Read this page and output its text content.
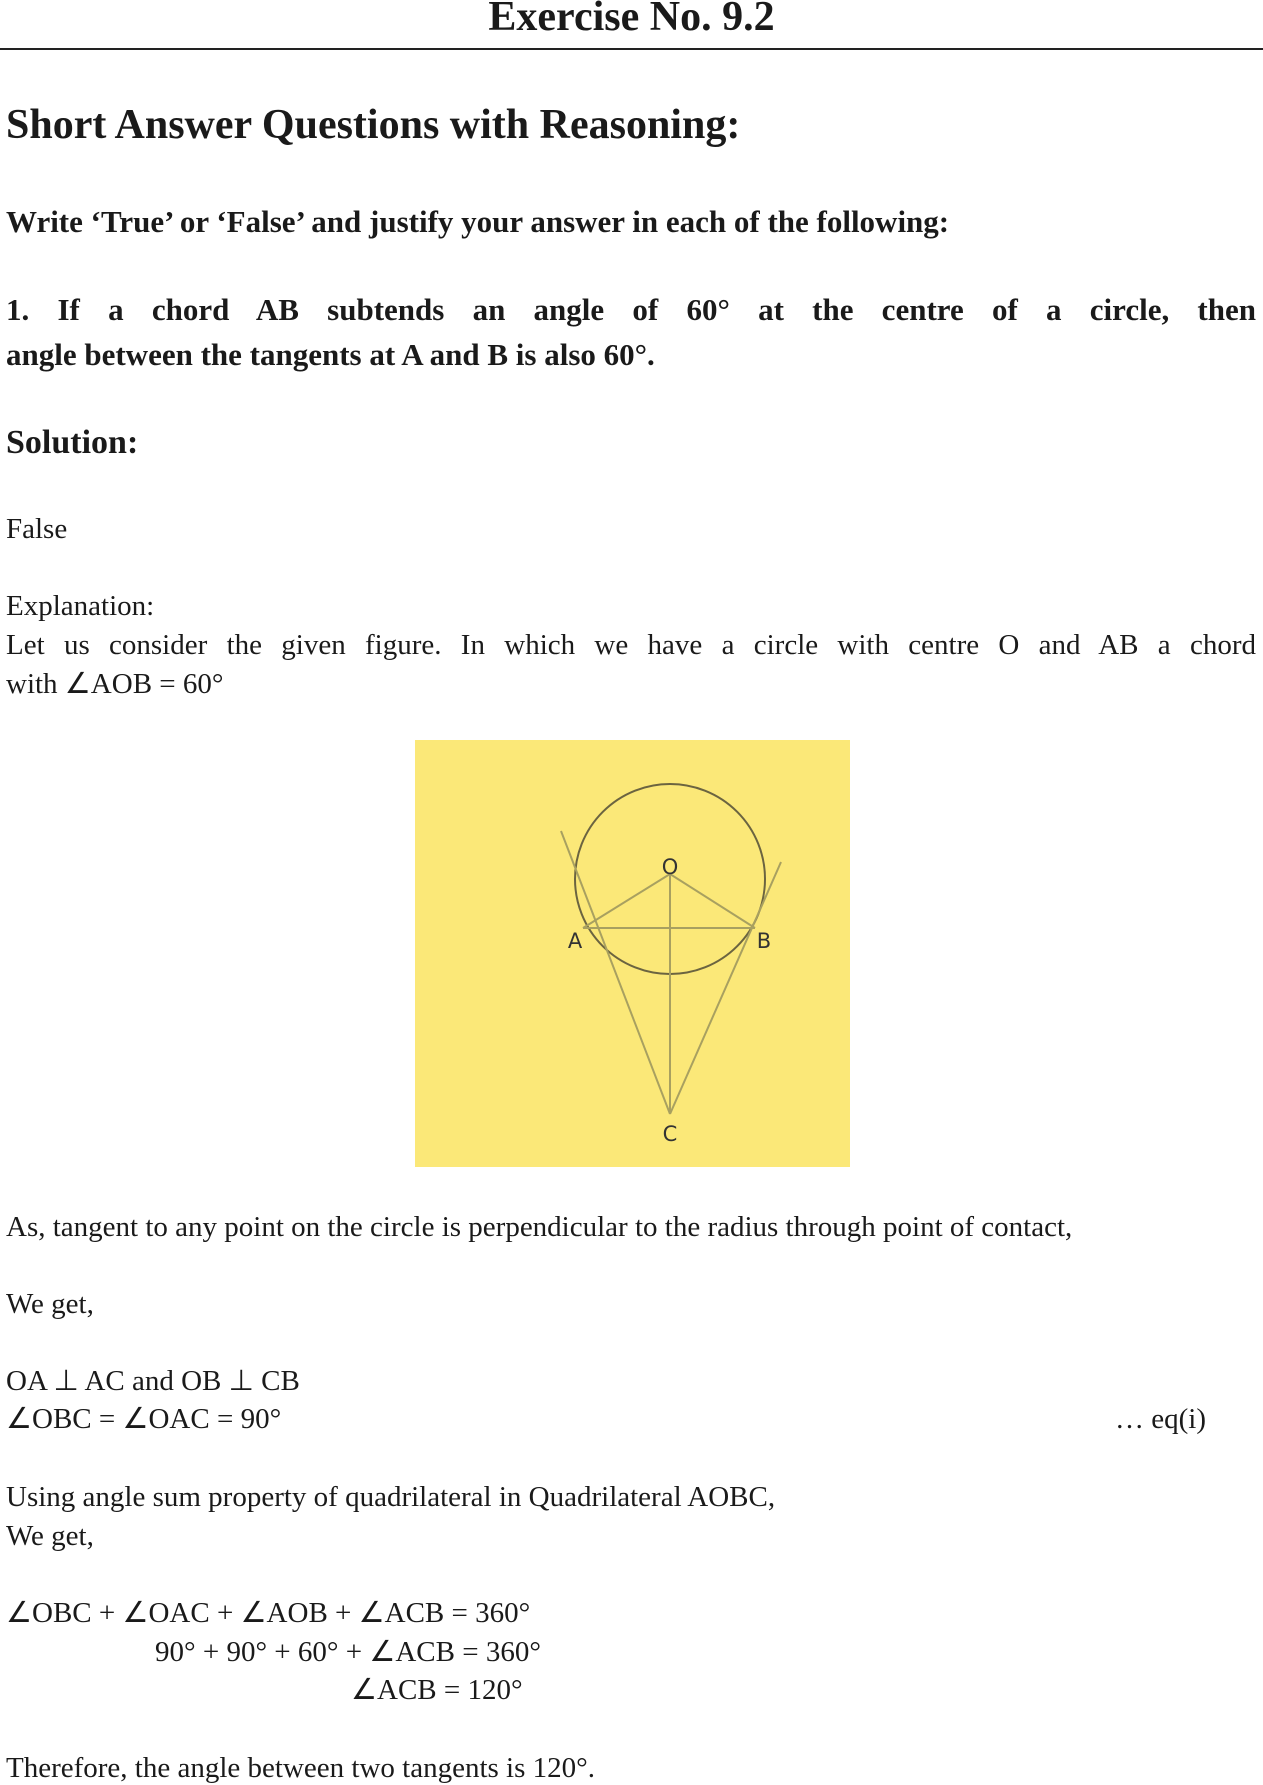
Exercise No. 9.2
Short Answer Questions with Reasoning:
Write ‘True’ or ‘False’ and justify your answer in each of the following:
1. If a chord AB subtends an angle of 60° at the centre of a circle, then
angle between the tangents at A and B is also 60°.
Solution:
False
Explanation:
Let us consider the given figure. In which we have a circle with centre O and AB a chord
with ∠AOB = 60°
O
A	B
C
As, tangent to any point on the circle is perpendicular to the radius through point of contact,
We get,
OA ⊥ AC and OB ⊥ CB
∠OBC = ∠OAC = 90°	… eq(i)
Using angle sum property of quadrilateral in Quadrilateral AOBC,
We get,
∠OBC + ∠OAC + ∠AOB + ∠ACB = 360°
90° + 90° + 60° + ∠ACB = 360°
∠ACB = 120°
Therefore, the angle between two tangents is 120°.
